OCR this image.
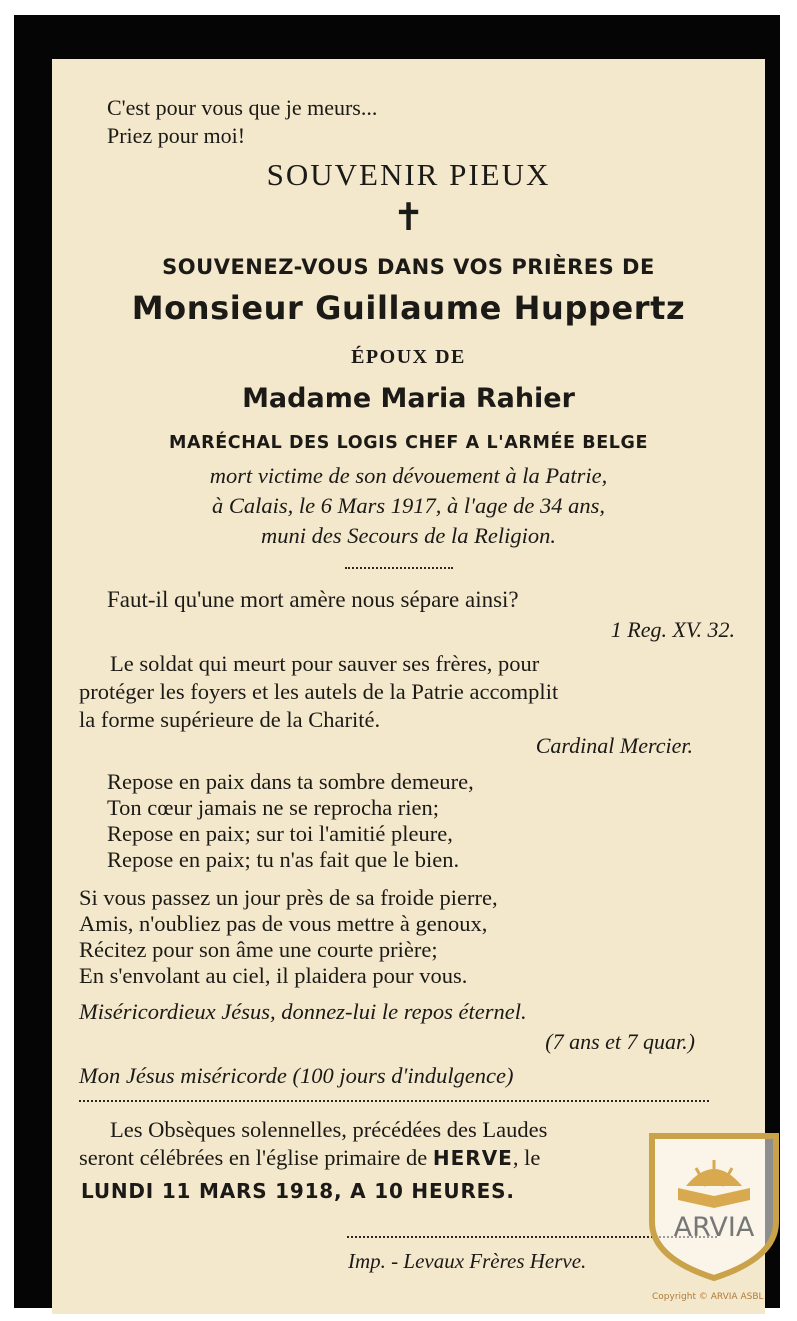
C'est pour vous que je meurs...

Priez pour moi!

SOUVENIR PIEUX

✝

SOUVENEZ-VOUS DANS VOS PRIÈRES DE

Monsieur Guillaume Huppertz

ÉPOUX DE

Madame Maria Rahier

MARÉCHAL DES LOGIS CHEF A L'ARMÉE BELGE

mort victime de son dévouement à la Patrie,

à Calais, le 6 Mars 1917, à l'age de 34 ans,

muni des Secours de la Religion.

Faut-il qu'une mort amère nous sépare ainsi?

1 Reg. XV. 32.

Le soldat qui meurt pour sauver ses frères, pour

protéger les foyers et les autels de la Patrie accomplit

la forme supérieure de la Charité.

Cardinal Mercier.

Repose en paix dans ta sombre demeure,

Ton cœur jamais ne se reprocha rien;

Repose en paix; sur toi l'amitié pleure,

Repose en paix; tu n'as fait que le bien.

Si vous passez un jour près de sa froide pierre,

Amis, n'oubliez pas de vous mettre à genoux,

Récitez pour son âme une courte prière;

En s'envolant au ciel, il plaidera pour vous.

Miséricordieux Jésus, donnez-lui le repos éternel.

(7 ans et 7 quar.)

Mon Jésus miséricorde (100 jours d'indulgence)

Les Obsèques solennelles, précédées des Laudes

seront célébrées en l'église primaire de HERVE, le

LUNDI 11 MARS 1918, A 10 HEURES.

Imp. - Levaux Frères Herve.

ARVIA
Copyright © ARVIA ASBL
